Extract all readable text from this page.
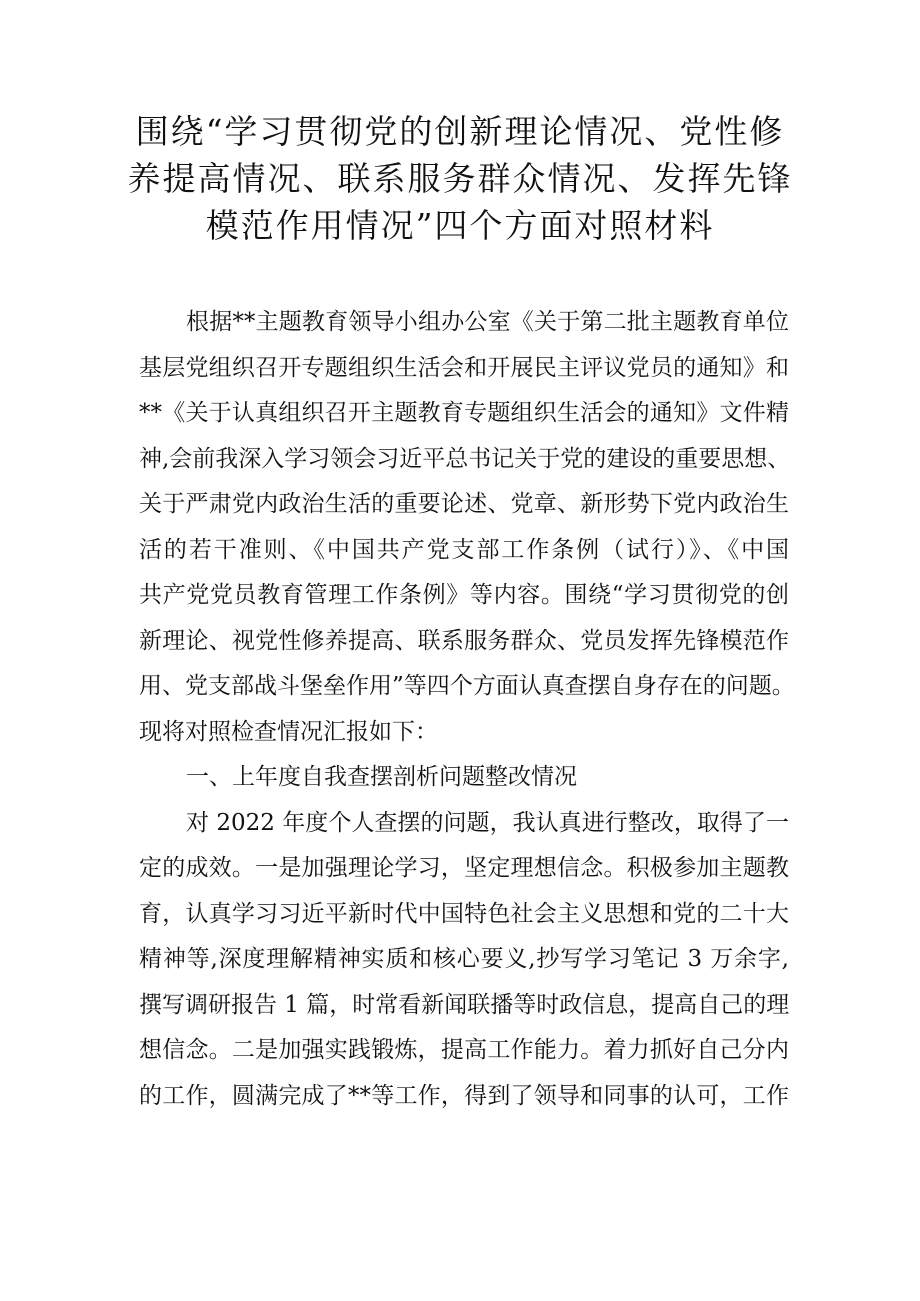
围绕“学习贯彻党的创新理论情况、党性修
养提高情况、联系服务群众情况、发挥先锋
模范作用情况”四个方面对照材料
根据**主题教育领导小组办公室《关于第二批主题教育单位
基层党组织召开专题组织生活会和开展民主评议党员的通知》和
**《关于认真组织召开主题教育专题组织生活会的通知》文件精
神,会前我深入学习领会习近平总书记关于党的建设的重要思想、
关于严肃党内政治生活的重要论述、党章、新形势下党内政治生
活的若干准则、《中国共产党支部工作条例（试行）》、《中国
共产党党员教育管理工作条例》等内容。围绕“学习贯彻党的创
新理论、视党性修养提高、联系服务群众、党员发挥先锋模范作
用、党支部战斗堡垒作用”等四个方面认真查摆自身存在的问题。
现将对照检查情况汇报如下：
一、上年度自我查摆剖析问题整改情况
对 2022 年度个人查摆的问题，我认真进行整改，取得了一
定的成效。一是加强理论学习，坚定理想信念。积极参加主题教
育，认真学习习近平新时代中国特色社会主义思想和党的二十大
精神等,深度理解精神实质和核心要义,抄写学习笔记 3 万余字,
撰写调研报告 1 篇，时常看新闻联播等时政信息，提高自己的理
想信念。二是加强实践锻炼，提高工作能力。着力抓好自己分内
的工作，圆满完成了**等工作，得到了领导和同事的认可，工作
